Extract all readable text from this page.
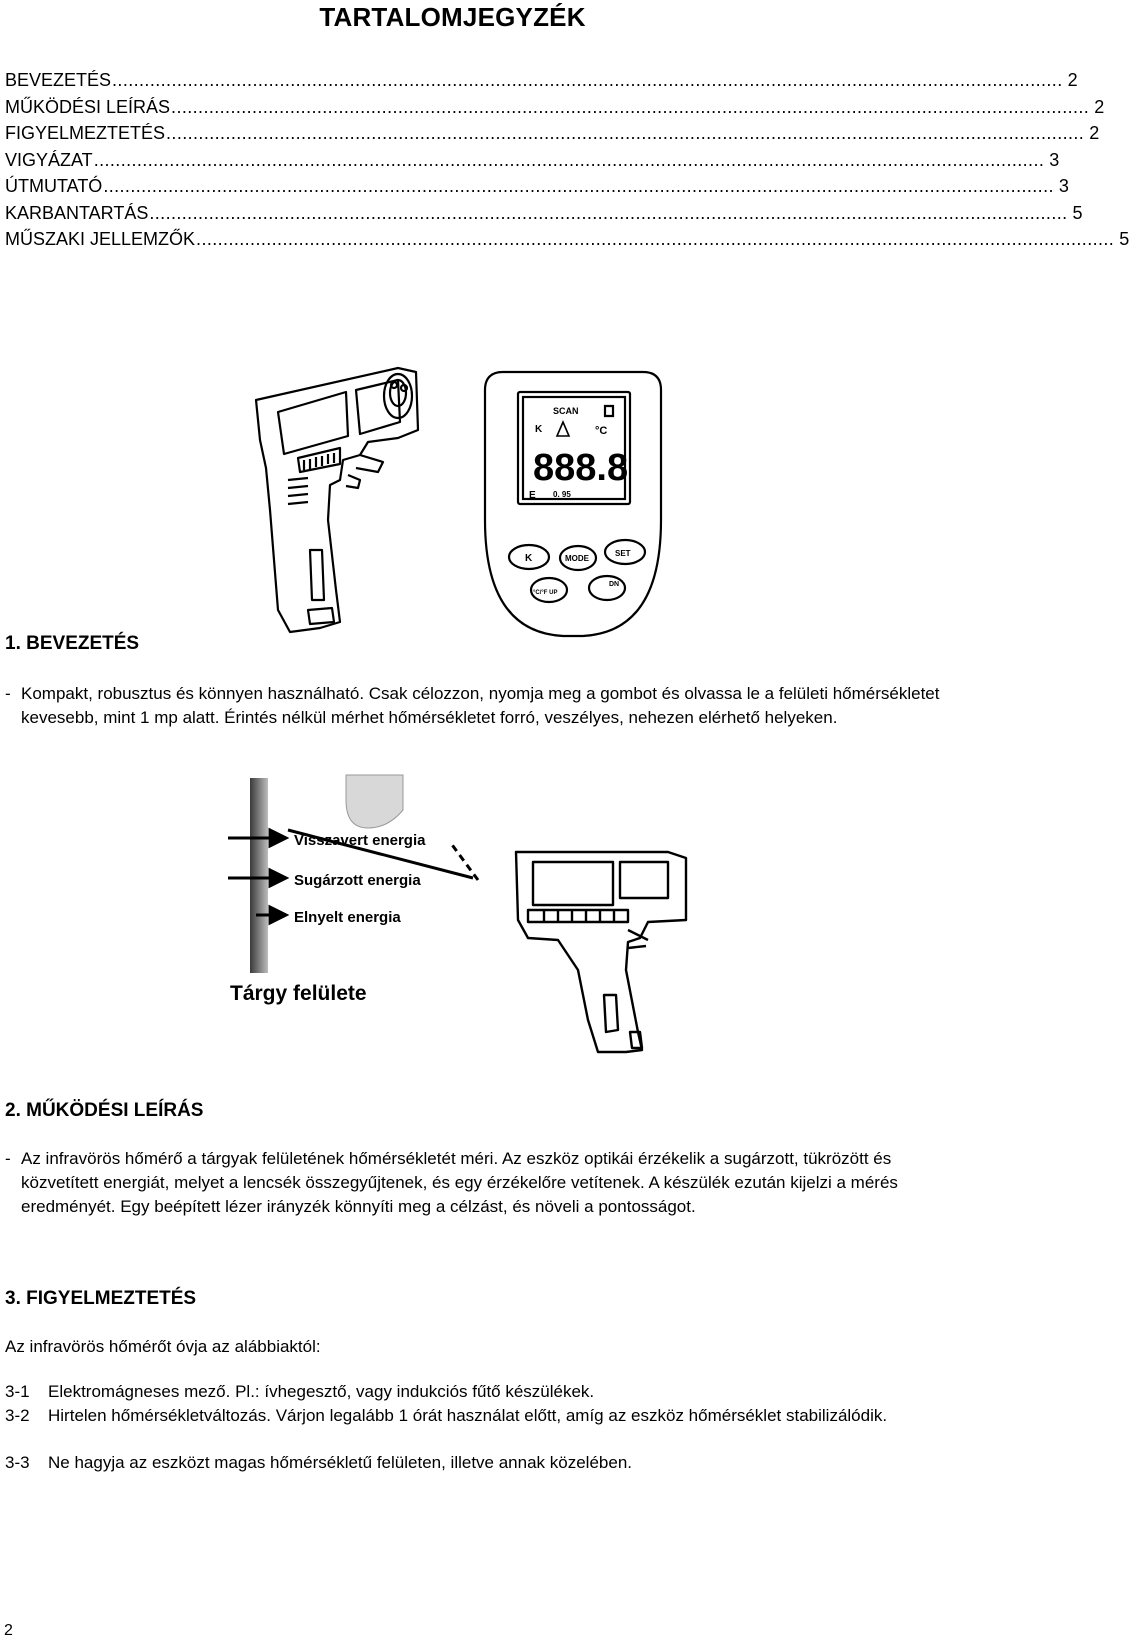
TARTALOMJEGYZÉK
BEVEZETÉS ................................................................................................................................................................................ 2
MŰKÖDÉSI LEÍRÁS .......................................................................................................................................................................... 2
FIGYELMEZTETÉS .......................................................................................................................................................................... 2
VIGYÁZAT ................................................................................................................................................................................ 3
ÚTMUTATÓ ................................................................................................................................................................................ 3
KARBANTARTÁS .......................................................................................................................................................................... 5
MŰSZAKI JELLEMZŐK .......................................................................................................................................................................... 5
SCAN
K	°C
888.8
E 0. 95
K	MODE
SET
°C/°F UP
DN
1. BEVEZETÉS
- Kompakt, robusztus és könnyen használható. Csak célozzon, nyomja meg a gombot és olvassa le a felületi hőmérsékletet kevesebb, mint 1 mp alatt. Érintés nélkül mérhet hőmérsékletet forró, veszélyes, nehezen elérhető helyeken.
Visszavert energia
Sugárzott energia
Elnyelt energia
Tárgy felülete
2. MŰKÖDÉSI LEÍRÁS
- Az infravörös hőmérő a tárgyak felületének hőmérsékletét méri. Az eszköz optikái érzékelik a sugárzott, tükrözött és közvetített energiát, melyet a lencsék összegyűjtenek, és egy érzékelőre vetítenek. A készülék ezután kijelzi a mérés eredményét. Egy beépített lézer irányzék könnyíti meg a célzást, és növeli a pontosságot.
3. FIGYELMEZTETÉS
Az infravörös hőmérőt óvja az alábbiaktól:
3-1 Elektromágneses mező. Pl.: ívhegesztő, vagy indukciós fűtő készülékek.
3-2 Hirtelen hőmérsékletváltozás. Várjon legalább 1 órát használat előtt, amíg az eszköz hőmérséklet stabilizálódik.
3-3 Ne hagyja az eszközt magas hőmérsékletű felületen, illetve annak közelében.
2
